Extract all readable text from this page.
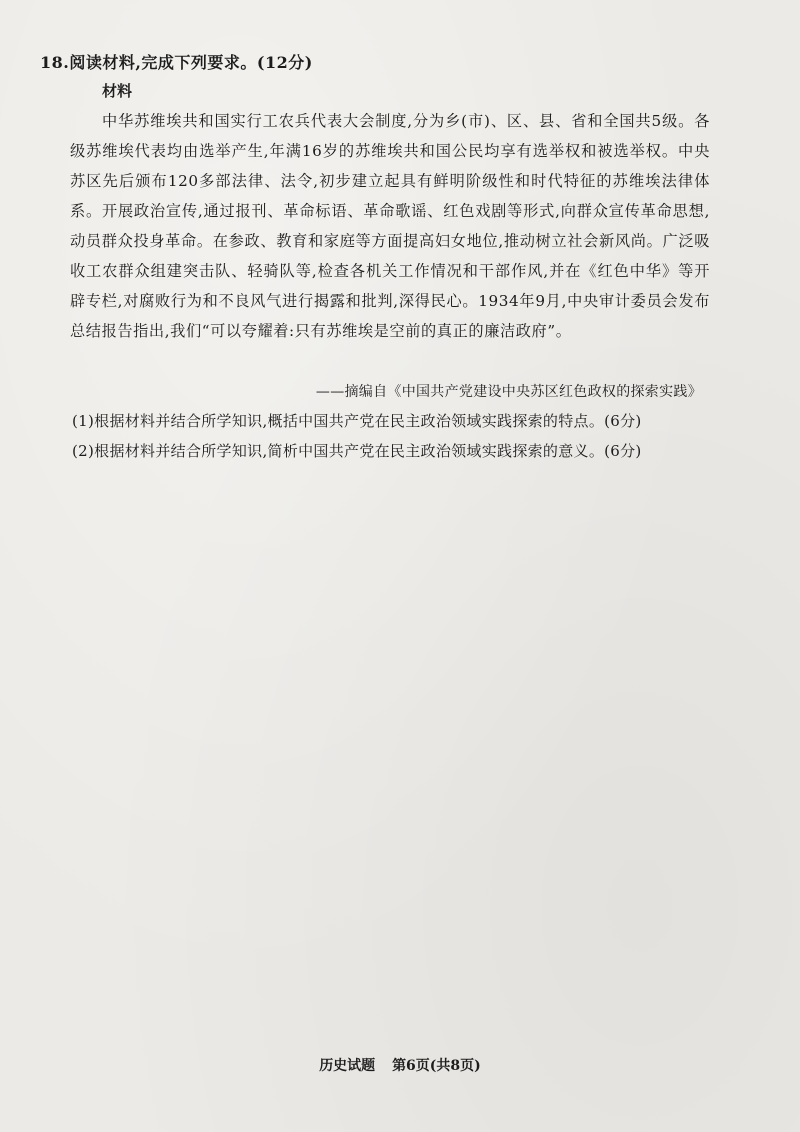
18.阅读材料,完成下列要求。(12分)
材料

中华苏维埃共和国实行工农兵代表大会制度,分为乡(市)、区、县、省和全国共5级。各级苏维埃代表均由选举产生,年满16岁的苏维埃共和国公民均享有选举权和被选举权。中央苏区先后颁布120多部法律、法令,初步建立起具有鲜明阶级性和时代特征的苏维埃法律体系。开展政治宣传,通过报刊、革命标语、革命歌谣、红色戏剧等形式,向群众宣传革命思想,动员群众投身革命。在参政、教育和家庭等方面提高妇女地位,推动树立社会新风尚。广泛吸收工农群众组建突击队、轻骑队等,检查各机关工作情况和干部作风,并在《红色中华》等开辟专栏,对腐败行为和不良风气进行揭露和批判,深得民心。1934年9月,中央审计委员会发布总结报告指出,我们“可以夸耀着:只有苏维埃是空前的真正的廉洁政府”。

——摘编自《中国共产党建设中央苏区红色政权的探索实践》
(1)根据材料并结合所学知识,概括中国共产党在民主政治领域实践探索的特点。(6分)
(2)根据材料并结合所学知识,简析中国共产党在民主政治领域实践探索的意义。(6分)
历史试题 第6页(共8页)
